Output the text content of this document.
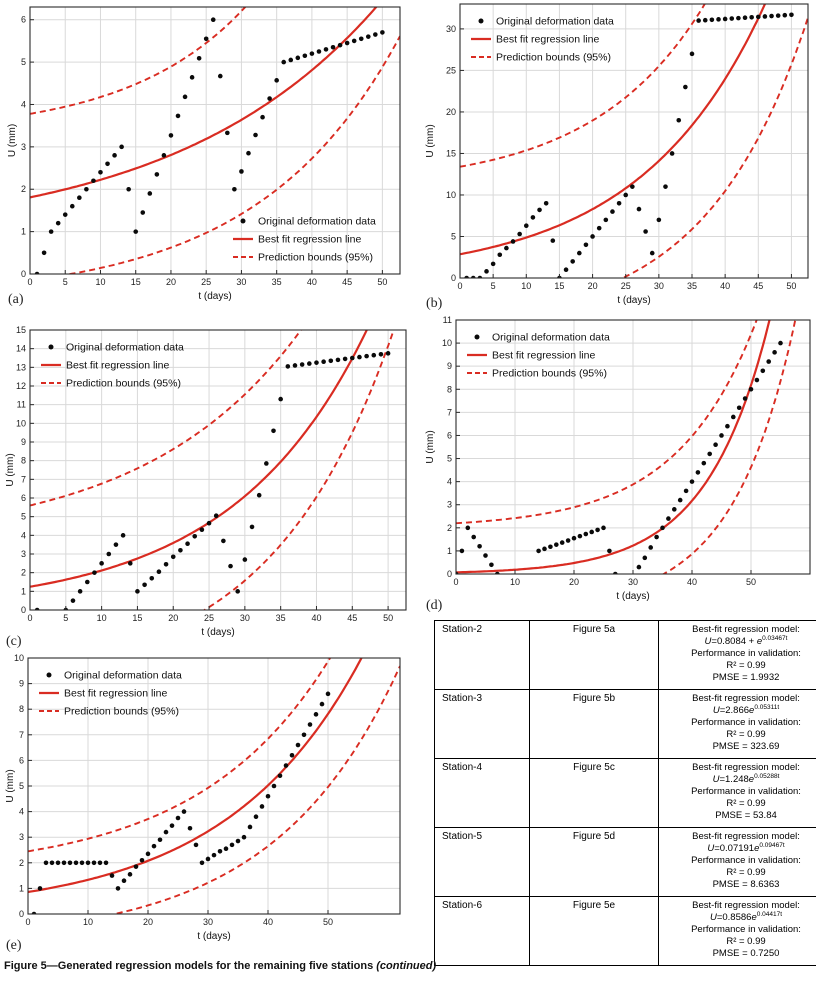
(a)
0	5	10	15	20	25	30	35	40	45	50
0
1
2
3
4
5
6
t (days)
U (mm)
Original deformation data
Best fit regression line
Prediction bounds (95%)
(b)
0	5	10	15	20	25	30	35	40	45	50
0
5
10
15
20
25
30
t (days)
U (mm)
Original deformation data
Best fit regression line
Prediction bounds (95%)
(c)
0	5	10	15	20	25	30	35	40	45	50
0
1
2
3
4
5
6
7
8
9
10
11
12
13
14
15
t (days)
U (mm)
Original deformation data
Best fit regression line
Prediction bounds (95%)
(d)
0	10	20	30	40	50
0
1
2
3
4
5
6
7
8
9
10
11
t (days)
U (mm)
Original deformation data
Best fit regression line
Prediction bounds (95%)
(e)
0	10	20	30	40	50
0
1
2
3
4
5
6
7
8
9
10
t (days)
U (mm)
Original deformation data
Best fit regression line
Prediction bounds (95%)
Station-2	Figure 5a	Best-fit regression model:
$U=0.8084 + e^{0.03467t}$
Performance in validation:
R² = 0.99
PMSE = 1.9932

Station-3	Figure 5b	Best-fit regression model:
$U=2.866e^{0.05311t}$
Performance in validation:
R² = 0.99
PMSE = 323.69

Station-4	Figure 5c	Best-fit regression model:
$U=1.248e^{0.05288t}$
Performance in validation:
R² = 0.99
PMSE = 53.84

Station-5	Figure 5d	Best-fit regression model:
$U=0.07191e^{0.09467t}$
Performance in validation:
R² = 0.99
PMSE = 8.6363

Station-6	Figure 5e	Best-fit regression model:
$U=0.8586e^{0.04417t}$
Performance in validation:
R² = 0.99
PMSE = 0.7250
Figure 5—Generated regression models for the remaining five stations (continued)
